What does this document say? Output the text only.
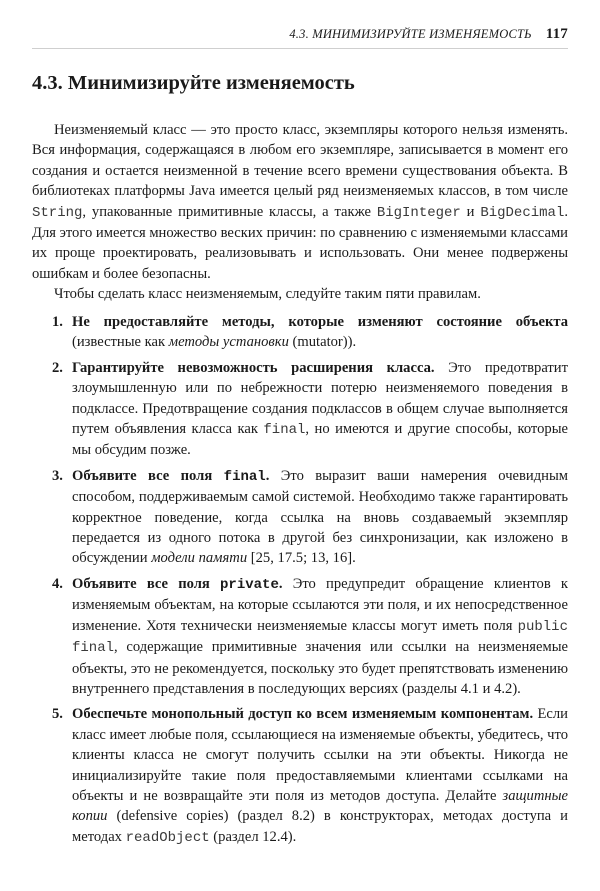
4.3. МИНИМИЗИРУЙТЕ ИЗМЕНЯЕМОСТЬ 117
4.3. Минимизируйте изменяемость

Неизменяемый класс — это просто класс, экземпляры которого нельзя изменять. Вся информация, содержащаяся в любом его экземпляре, записывается в момент его создания и остается неизменной в течение всего времени существования объекта. В библиотеках платформы Java имеется целый ряд неизменяемых классов, в том числе String, упакованные примитивные классы, а также BigInteger и BigDecimal. Для этого имеется множество веских причин: по сравнению с изменяемыми классами их проще проектировать, реализовывать и использовать. Они менее подвержены ошибкам и более безопасны.

Чтобы сделать класс неизменяемым, следуйте таким пяти правилам.

1. Не предоставляйте методы, которые изменяют состояние объекта (известные как методы установки (mutator)).
2. Гарантируйте невозможность расширения класса. Это предотвратит злоумышленную или по небрежности потерю неизменяемого поведения в подклассе. Предотвращение создания подклассов в общем случае выполняется путем объявления класса как final, но имеются и другие способы, которые мы обсудим позже.
3. Объявите все поля final. Это выразит ваши намерения очевидным способом, поддерживаемым самой системой. Необходимо также гарантировать корректное поведение, когда ссылка на вновь создаваемый экземпляр передается из одного потока в другой без синхронизации, как изложено в обсуждении модели памяти [25, 17.5; 13, 16].
4. Объявите все поля private. Это предупредит обращение клиентов к изменяемым объектам, на которые ссылаются эти поля, и их непосредственное изменение. Хотя технически неизменяемые классы могут иметь поля public final, содержащие примитивные значения или ссылки на неизменяемые объекты, это не рекомендуется, поскольку это будет препятствовать изменению внутреннего представления в последующих версиях (разделы 4.1 и 4.2).
5. Обеспечьте монопольный доступ ко всем изменяемым компонентам. Если класс имеет любые поля, ссылающиеся на изменяемые объекты, убедитесь, что клиенты класса не смогут получить ссылки на эти объекты. Никогда не инициализируйте такие поля предоставляемыми клиентами ссылками на объекты и не возвращайте эти поля из методов доступа. Делайте защитные копии (defensive copies) (раздел 8.2) в конструкторах, методах доступа и методах readObject (раздел 12.4).
